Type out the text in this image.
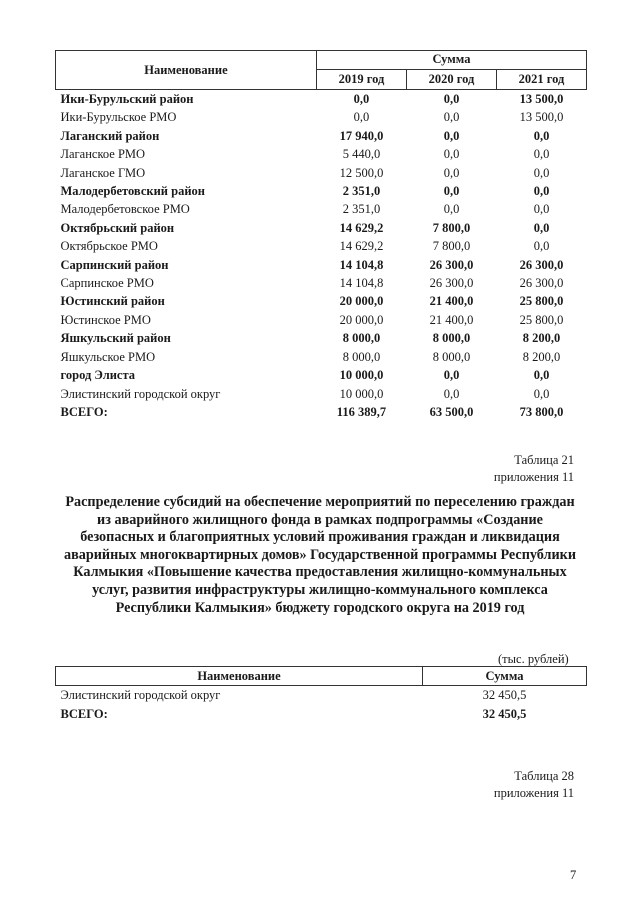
Наименование	Сумма		
	2019 год	2020 год	2021 год
Ики-Бурульский район	0,0	0,0	13 500,0
Ики-Бурульское РМО	0,0	0,0	13 500,0
Лаганский район	17 940,0	0,0	0,0
Лаганское РМО	5 440,0	0,0	0,0
Лаганское ГМО	12 500,0	0,0	0,0
Малодербетовский район	2 351,0	0,0	0,0
Малодербетовское РМО	2 351,0	0,0	0,0
Октябрьский район	14 629,2	7 800,0	0,0
Октябрьское РМО	14 629,2	7 800,0	0,0
Сарпинский район	14 104,8	26 300,0	26 300,0
Сарпинское РМО	14 104,8	26 300,0	26 300,0
Юстинский район	20 000,0	21 400,0	25 800,0
Юстинское РМО	20 000,0	21 400,0	25 800,0
Яшкульский район	8 000,0	8 000,0	8 200,0
Яшкульское РМО	8 000,0	8 000,0	8 200,0
город Элиста	10 000,0	0,0	0,0
Элистинский городской округ	10 000,0	0,0	0,0
ВСЕГО:	116 389,7	63 500,0	73 800,0
Таблица 21
приложения 11
Распределение субсидий на обеспечение мероприятий по переселению граждан из аварийного жилищного фонда в рамках подпрограммы «Создание безопасных и благоприятных условий проживания граждан и ликвидация аварийных многоквартирных домов» Государственной программы Республики Калмыкия «Повышение качества предоставления жилищно-коммунальных услуг, развития инфраструктуры жилищно-коммунального комплекса Республики Калмыкия» бюджету городского округа на 2019 год
(тыс. рублей)
Наименование	Сумма
Элистинский городской округ	32 450,5
ВСЕГО:	32 450,5
Таблица 28
приложения 11
7
